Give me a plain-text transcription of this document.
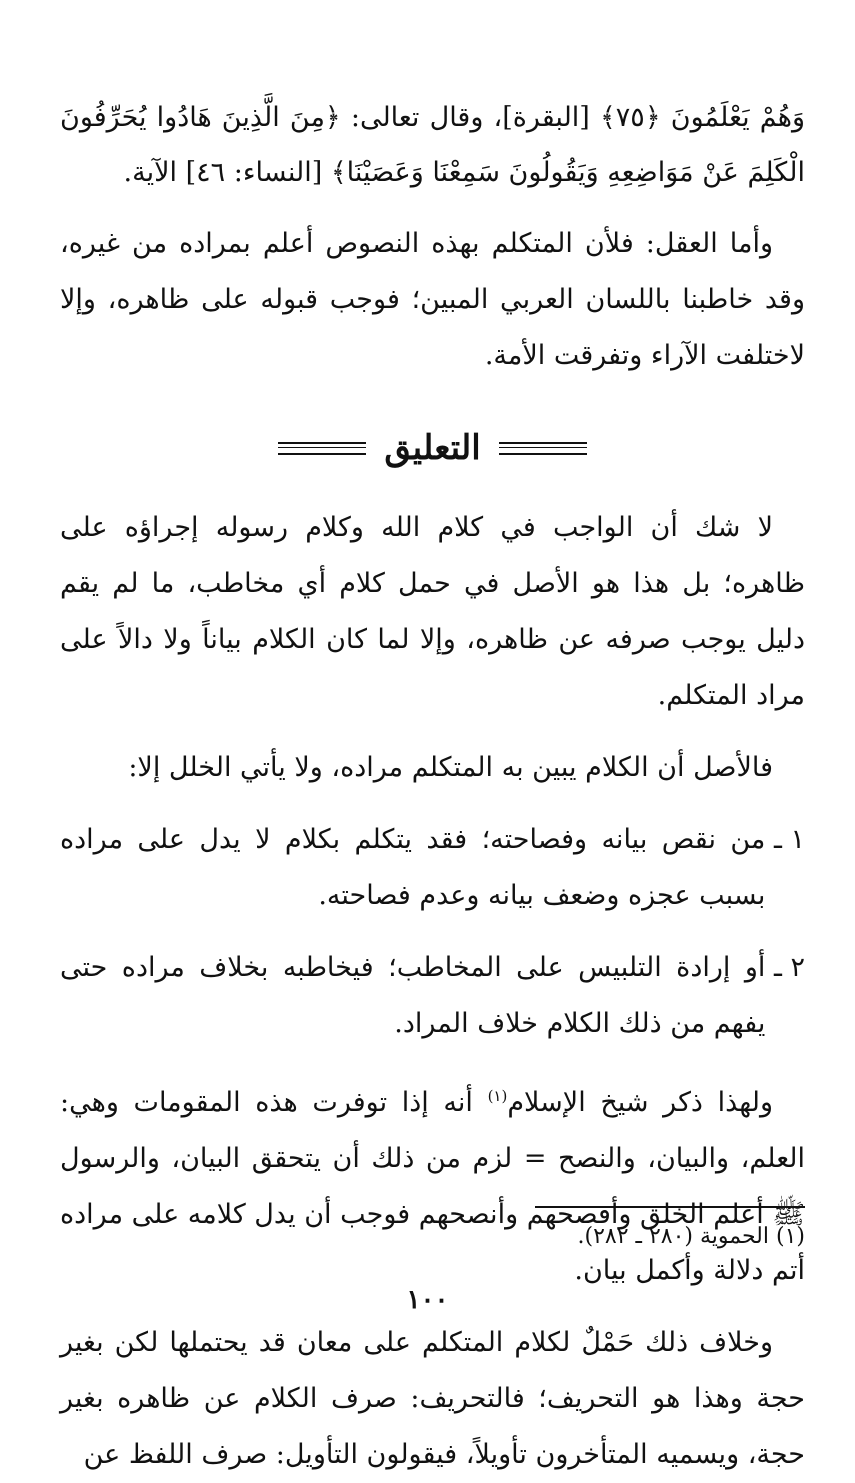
وَهُمْ يَعْلَمُونَ ﴿٧٥﴾ [البقرة]، وقال تعالى: ﴿مِنَ الَّذِينَ هَادُوا يُحَرِّفُونَ الْكَلِمَ عَنْ مَوَاضِعِهِ وَيَقُولُونَ سَمِعْنَا وَعَصَيْنَا﴾ [النساء: ٤٦] الآية.

وأما العقل: فلأن المتكلم بهذه النصوص أعلم بمراده من غيره، وقد خاطبنا باللسان العربي المبين؛ فوجب قبوله على ظاهره، وإلا لاختلفت الآراء وتفرقت الأمة.

التعليق

لا شك أن الواجب في كلام الله وكلام رسوله إجراؤه على ظاهره؛ بل هذا هو الأصل في حمل كلام أي مخاطب، ما لم يقم دليل يوجب صرفه عن ظاهره، وإلا لما كان الكلام بياناً ولا دالاً على مراد المتكلم.

فالأصل أن الكلام يبين به المتكلم مراده، ولا يأتي الخلل إلا:

١ ـ
من نقص بيانه وفصاحته؛ فقد يتكلم بكلام لا يدل على مراده بسبب عجزه وضعف بيانه وعدم فصاحته.
٢ ـ
أو إرادة التلبيس على المخاطب؛ فيخاطبه بخلاف مراده حتى يفهم من ذلك الكلام خلاف المراد.

ولهذا ذكر شيخ الإسلام$^{(١)}$ أنه إذا توفرت هذه المقومات وهي: العلم، والبيان، والنصح = لزم من ذلك أن يتحقق البيان، والرسول ﷺ أعلم الخلق وأفصحهم وأنصحهم فوجب أن يدل كلامه على مراده أتم دلالة وأكمل بيان.

وخلاف ذلك حَمْلٌ لكلام المتكلم على معان قد يحتملها لكن بغير حجة وهذا هو التحريف؛ فالتحريف: صرف الكلام عن ظاهره بغير حجة، ويسميه المتأخرون تأويلاً، فيقولون التأويل: صرف اللفظ عن

(١) الحموية (٢٨٠ ـ ٢٨٢).
١٠٠
